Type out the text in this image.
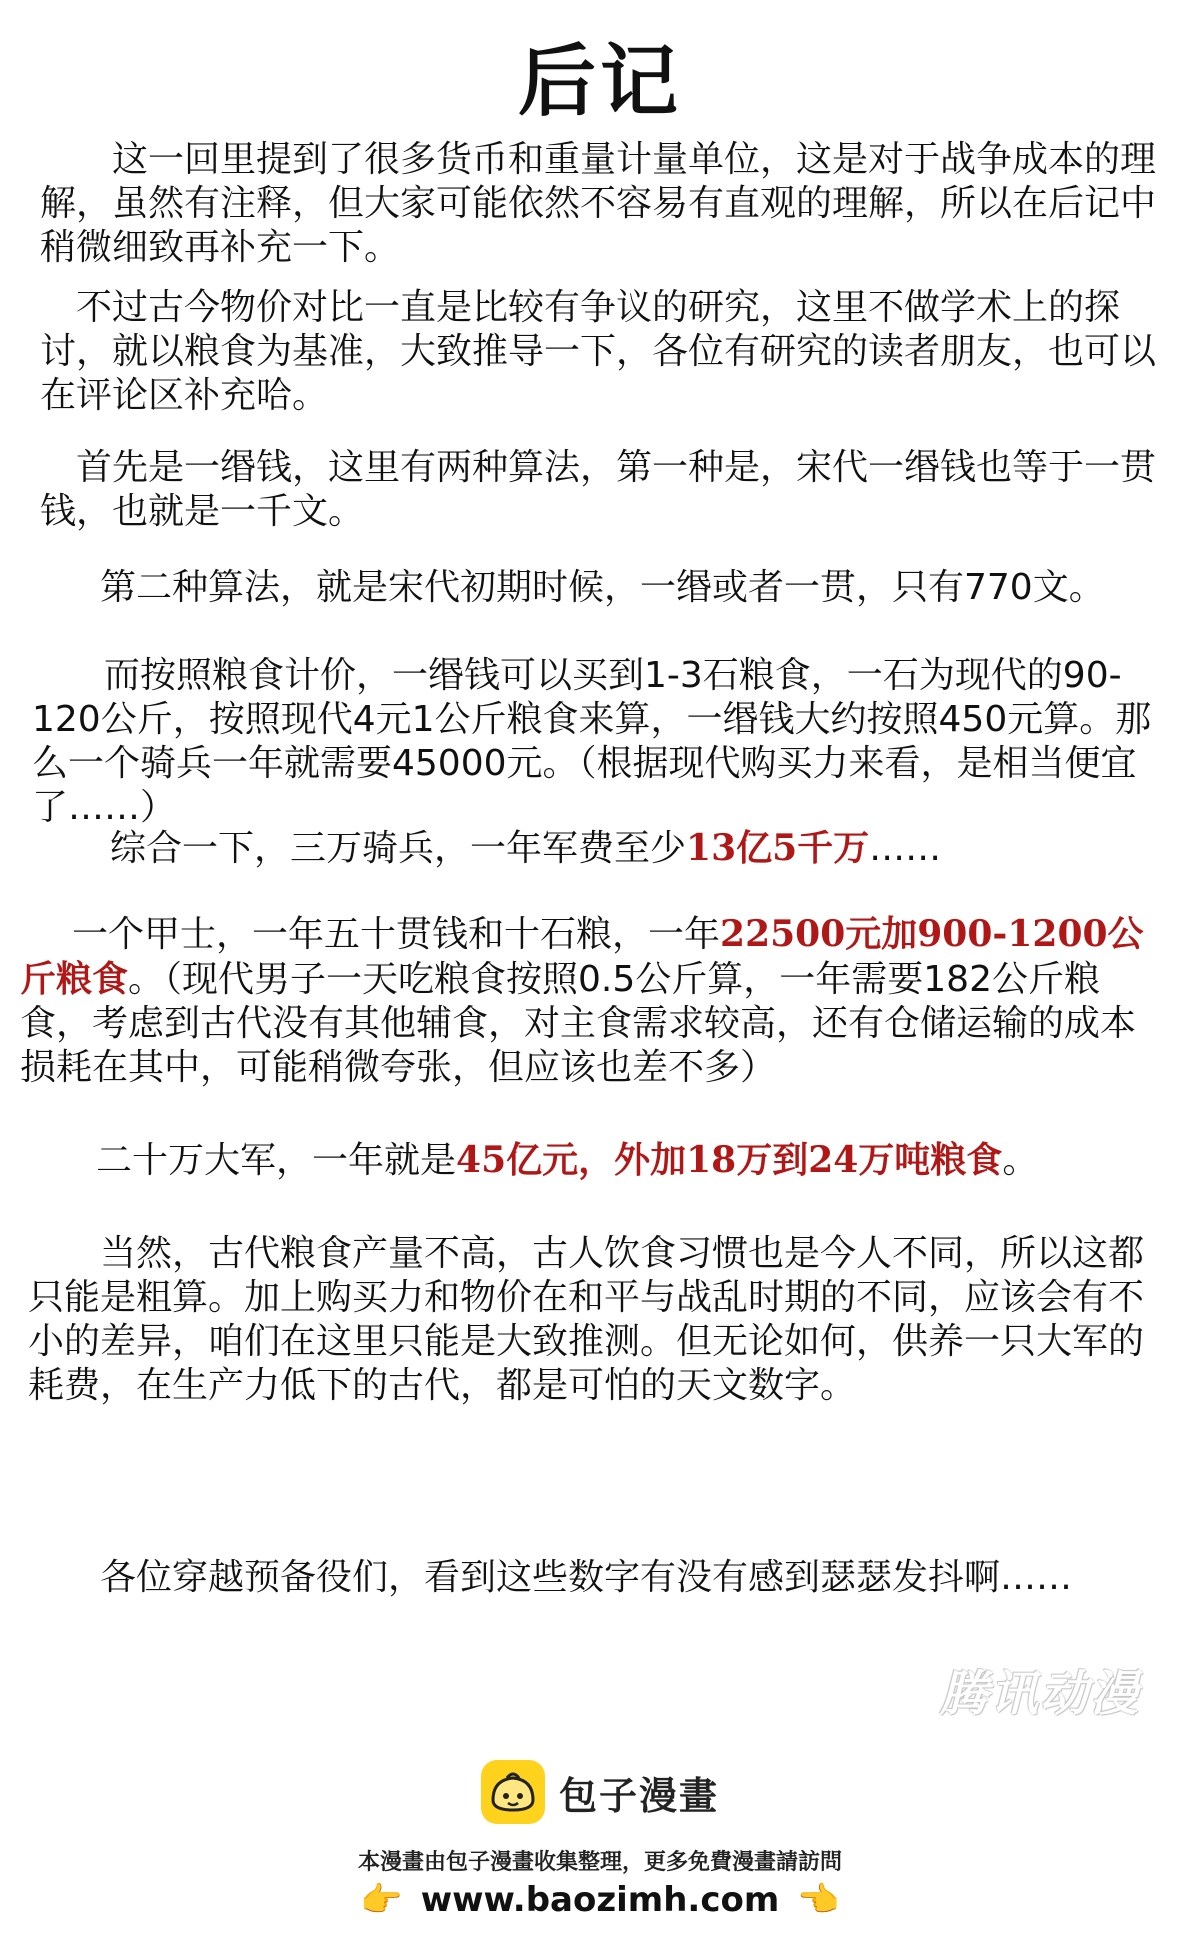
后记

这一回里提到了很多货币和重量计量单位，这是对于战争成本的理解，虽然有注释，但大家可能依然不容易有直观的理解，所以在后记中稍微细致再补充一下。

不过古今物价对比一直是比较有争议的研究，这里不做学术上的探讨，就以粮食为基准，大致推导一下，各位有研究的读者朋友，也可以在评论区补充哈。

首先是一缗钱，这里有两种算法，第一种是，宋代一缗钱也等于一贯钱，也就是一千文。

第二种算法，就是宋代初期时候，一缗或者一贯，只有770文。

而按照粮食计价，一缗钱可以买到1-3石粮食，一石为现代的90-120公斤，按照现代4元1公斤粮食来算，一缗钱大约按照450元算。那么一个骑兵一年就需要45000元。（根据现代购买力来看，是相当便宜了……）

综合一下，三万骑兵，一年军费至少13亿5千万……

一个甲士，一年五十贯钱和十石粮，一年22500元加900-1200公斤粮食。（现代男子一天吃粮食按照0.5公斤算，一年需要182公斤粮食，考虑到古代没有其他辅食，对主食需求较高，还有仓储运输的成本损耗在其中，可能稍微夸张，但应该也差不多）

二十万大军，一年就是45亿元，外加18万到24万吨粮食。

当然，古代粮食产量不高，古人饮食习惯也是今人不同，所以这都只能是粗算。加上购买力和物价在和平与战乱时期的不同，应该会有不小的差异，咱们在这里只能是大致推测。但无论如何，供养一只大军的耗费，在生产力低下的古代，都是可怕的天文数字。

各位穿越预备役们，看到这些数字有没有感到瑟瑟发抖啊……

腾讯动漫
包子漫畫
本漫畫由包子漫畫收集整理，更多免費漫畫請訪問
👉 www.baozimh.com 👈
